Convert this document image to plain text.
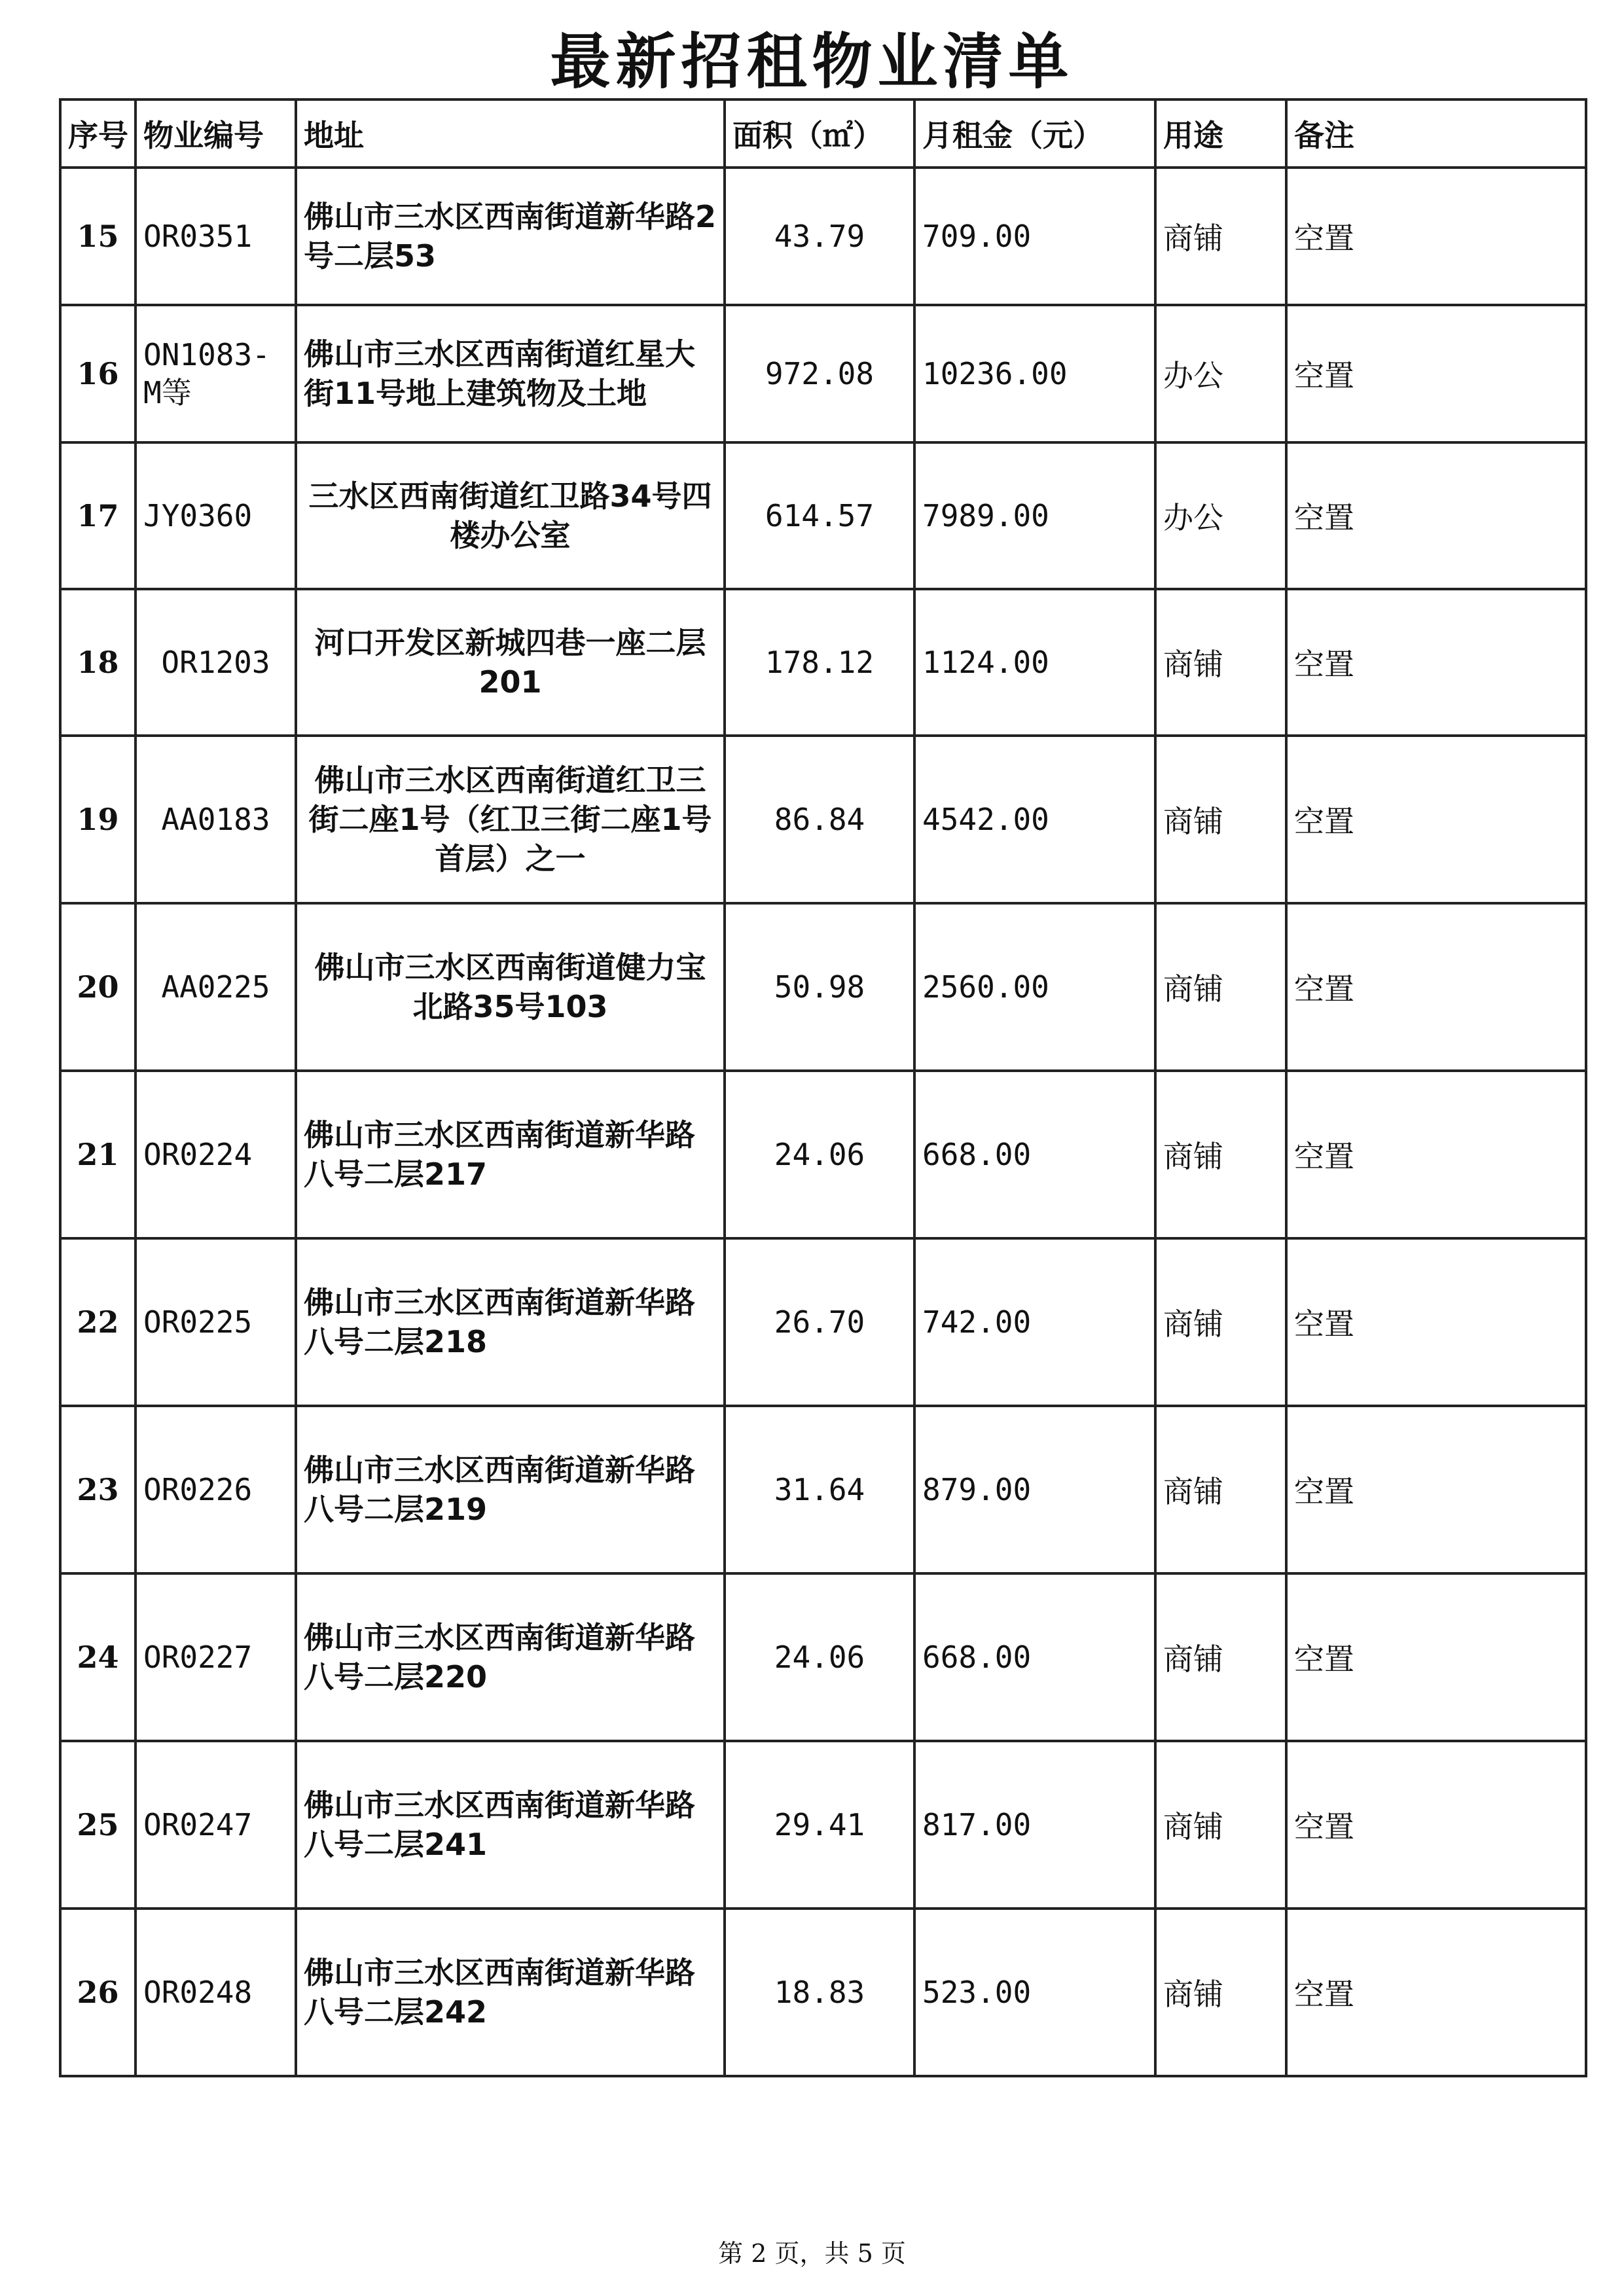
最新招租物业清单
序号	物业编号	地址	面积（㎡）	月租金（元）	用途	备注
15	OR0351	佛山市三水区西南街道新华路2号二层53	43.79	709.00	商铺	空置
16	ON1083-M等	佛山市三水区西南街道红星大街11号地上建筑物及土地	972.08	10236.00	办公	空置
17	JY0360	三水区西南街道红卫路34号四楼办公室	614.57	7989.00	办公	空置
18	OR1203	河口开发区新城四巷一座二层201	178.12	1124.00	商铺	空置
19	AA0183	佛山市三水区西南街道红卫三街二座1号（红卫三街二座1号首层）之一	86.84	4542.00	商铺	空置
20	AA0225	佛山市三水区西南街道健力宝北路35号103	50.98	2560.00	商铺	空置
21	OR0224	佛山市三水区西南街道新华路八号二层217	24.06	668.00	商铺	空置
22	OR0225	佛山市三水区西南街道新华路八号二层218	26.70	742.00	商铺	空置
23	OR0226	佛山市三水区西南街道新华路八号二层219	31.64	879.00	商铺	空置
24	OR0227	佛山市三水区西南街道新华路八号二层220	24.06	668.00	商铺	空置
25	OR0247	佛山市三水区西南街道新华路八号二层241	29.41	817.00	商铺	空置
26	OR0248	佛山市三水区西南街道新华路八号二层242	18.83	523.00	商铺	空置
第 2 页，共 5 页
